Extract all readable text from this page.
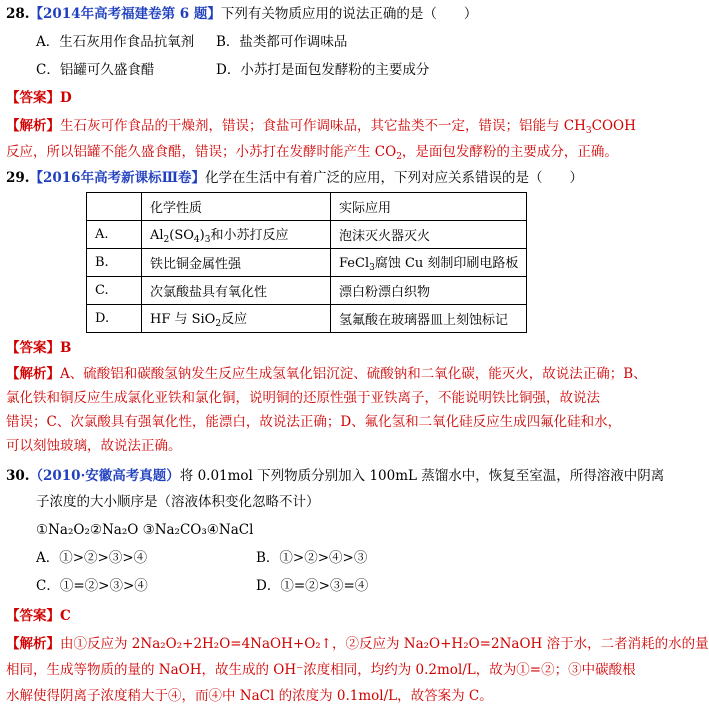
28.【2014年高考福建卷第 6 题】下列有关物质应用的说法正确的是（　　）
A．生石灰用作食品抗氧剂 B．盐类都可作调味品
C．铝罐可久盛食醋	D．小苏打是面包发酵粉的主要成分
【答案】D
【解析】生石灰可作食品的干燥剂，错误；食盐可作调味品，其它盐类不一定，错误；铝能与 $CH_3COOH$
反应，所以铝罐不能久盛食醋，错误；小苏打在发酵时能产生 $CO_2$，是面包发酵粉的主要成分，正确。
29.【2016年高考新课标Ⅲ卷】化学在生活中有着广泛的应用，下列对应关系错误的是（　　）
	化学性质	实际应用
A.	$Al_2(SO_4)_3$和小苏打反应	泡沫灭火器灭火
B.	铁比铜金属性强	FeCl$_3$腐蚀 Cu 刻制印刷电路板
C.	次氯酸盐具有氧化性	漂白粉漂白织物
D.	HF 与 SiO$_2$反应	氢氟酸在玻璃器皿上刻蚀标记
【答案】B
【解析】A、硫酸铝和碳酸氢钠发生反应生成氢氧化铝沉淀、硫酸钠和二氧化碳，能灭火，故说法正确；B、
氯化铁和铜反应生成氯化亚铁和氯化铜，说明铜的还原性强于亚铁离子，不能说明铁比铜强，故说法
错误；C、次氯酸具有强氧化性，能漂白，故说法正确；D、氟化氢和二氧化硅反应生成四氟化硅和水，
可以刻蚀玻璃，故说法正确。
30.（2010·安徽高考真题）将 0.01mol 下列物质分别加入 100mL 蒸馏水中，恢复至室温，所得溶液中阴离
子浓度的大小顺序是（溶液体积变化忽略不计）
①Na₂O₂②Na₂O ③Na₂CO₃④NaCl
A．①>②>③>④	B．①>②>④>③
C．①=②>③>④	D．①=②>③=④
【答案】C
【解析】由①反应为 2Na₂O₂+2H₂O=4NaOH+O₂↑，②反应为 Na₂O+H₂O=2NaOH 溶于水，二者消耗的水的量
相同，生成等物质的量的 NaOH，故生成的 OH⁻浓度相同，均约为 0.2mol/L，故为①=②；③中碳酸根
水解使得阴离子浓度稍大于④，而④中 NaCl 的浓度为 0.1mol/L，故答案为 C。
